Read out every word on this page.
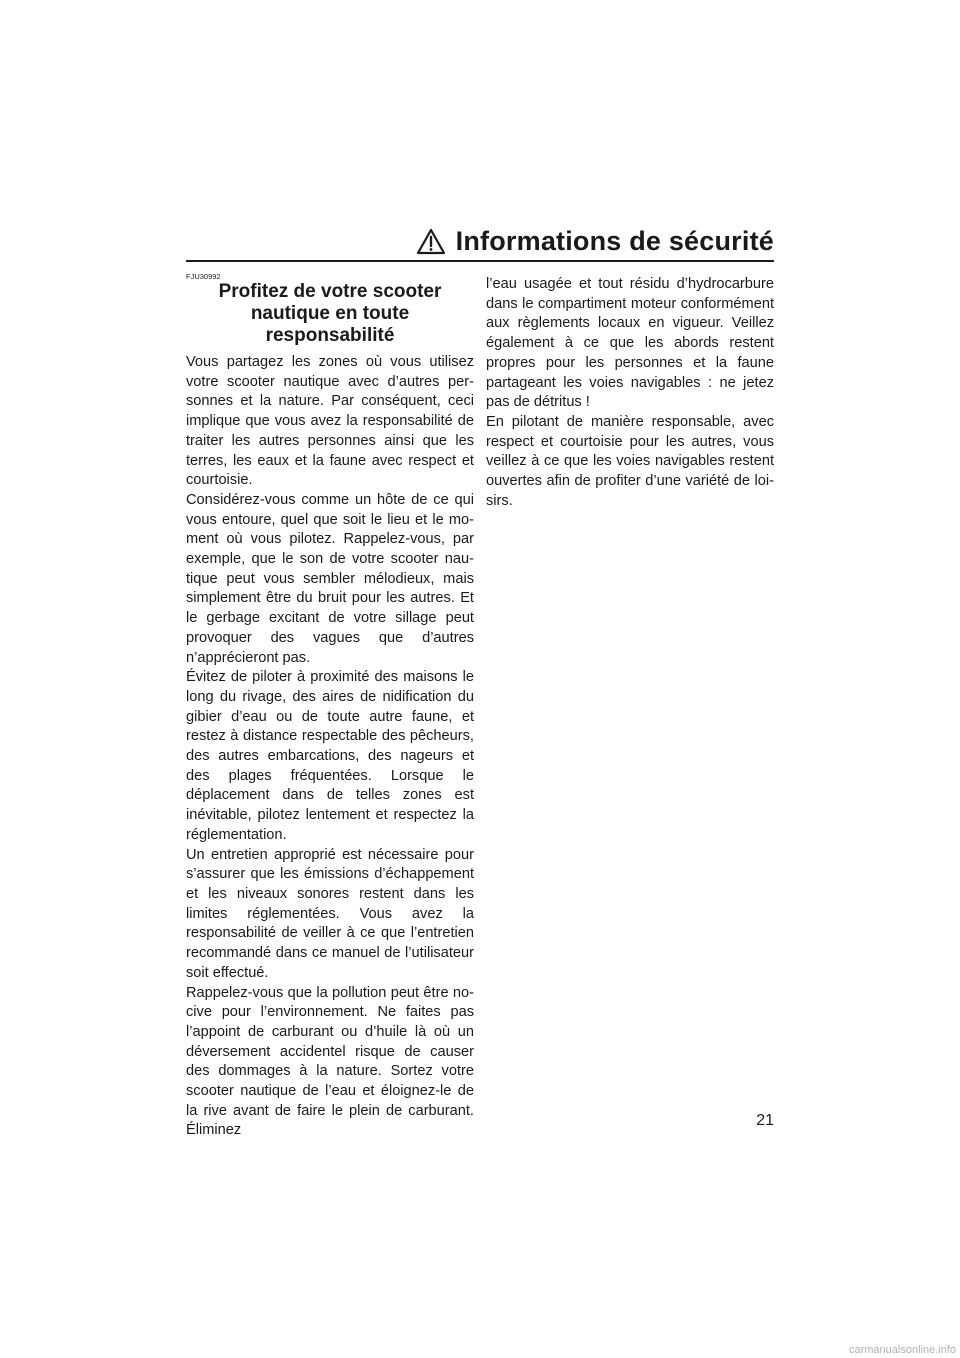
Informations de sécurité

FJU30992

Profitez de votre scooter
nautique en toute
responsabilité

Vous partagez les zones où vous utilisez votre scooter nautique avec d’autres personnes et la nature. Par conséquent, ceci implique que vous avez la responsabilité de traiter les autres personnes ainsi que les terres, les eaux et la faune avec respect et courtoisie.

Considérez-vous comme un hôte de ce qui vous entoure, quel que soit le lieu et le moment où vous pilotez. Rappelez-vous, par exemple, que le son de votre scooter nautique peut vous sembler mélodieux, mais simplement être du bruit pour les autres. Et le gerbage excitant de votre sillage peut provoquer des vagues que d’autres n’apprécieront pas.

Évitez de piloter à proximité des maisons le long du rivage, des aires de nidification du gibier d’eau ou de toute autre faune, et restez à distance respectable des pêcheurs, des autres embarcations, des nageurs et des plages fréquentées. Lorsque le déplacement dans de telles zones est inévitable, pilotez lentement et respectez la réglementation.

Un entretien approprié est nécessaire pour s’assurer que les émissions d’échappement et les niveaux sonores restent dans les limites réglementées. Vous avez la responsabilité de veiller à ce que l’entretien recommandé dans ce manuel de l’utilisateur soit effectué.

Rappelez-vous que la pollution peut être nocive pour l’environnement. Ne faites pas l’appoint de carburant ou d’huile là où un déversement accidentel risque de causer des dommages à la nature. Sortez votre scooter nautique de l’eau et éloignez-le de la rive avant de faire le plein de carburant. Éliminez

l’eau usagée et tout résidu d’hydrocarbure dans le compartiment moteur conformément aux règlements locaux en vigueur. Veillez également à ce que les abords restent propres pour les personnes et la faune partageant les voies navigables : ne jetez pas de détritus !

En pilotant de manière responsable, avec respect et courtoisie pour les autres, vous veillez à ce que les voies navigables restent ouvertes afin de profiter d’une variété de loisirs.

21
carmanualsonline.info
